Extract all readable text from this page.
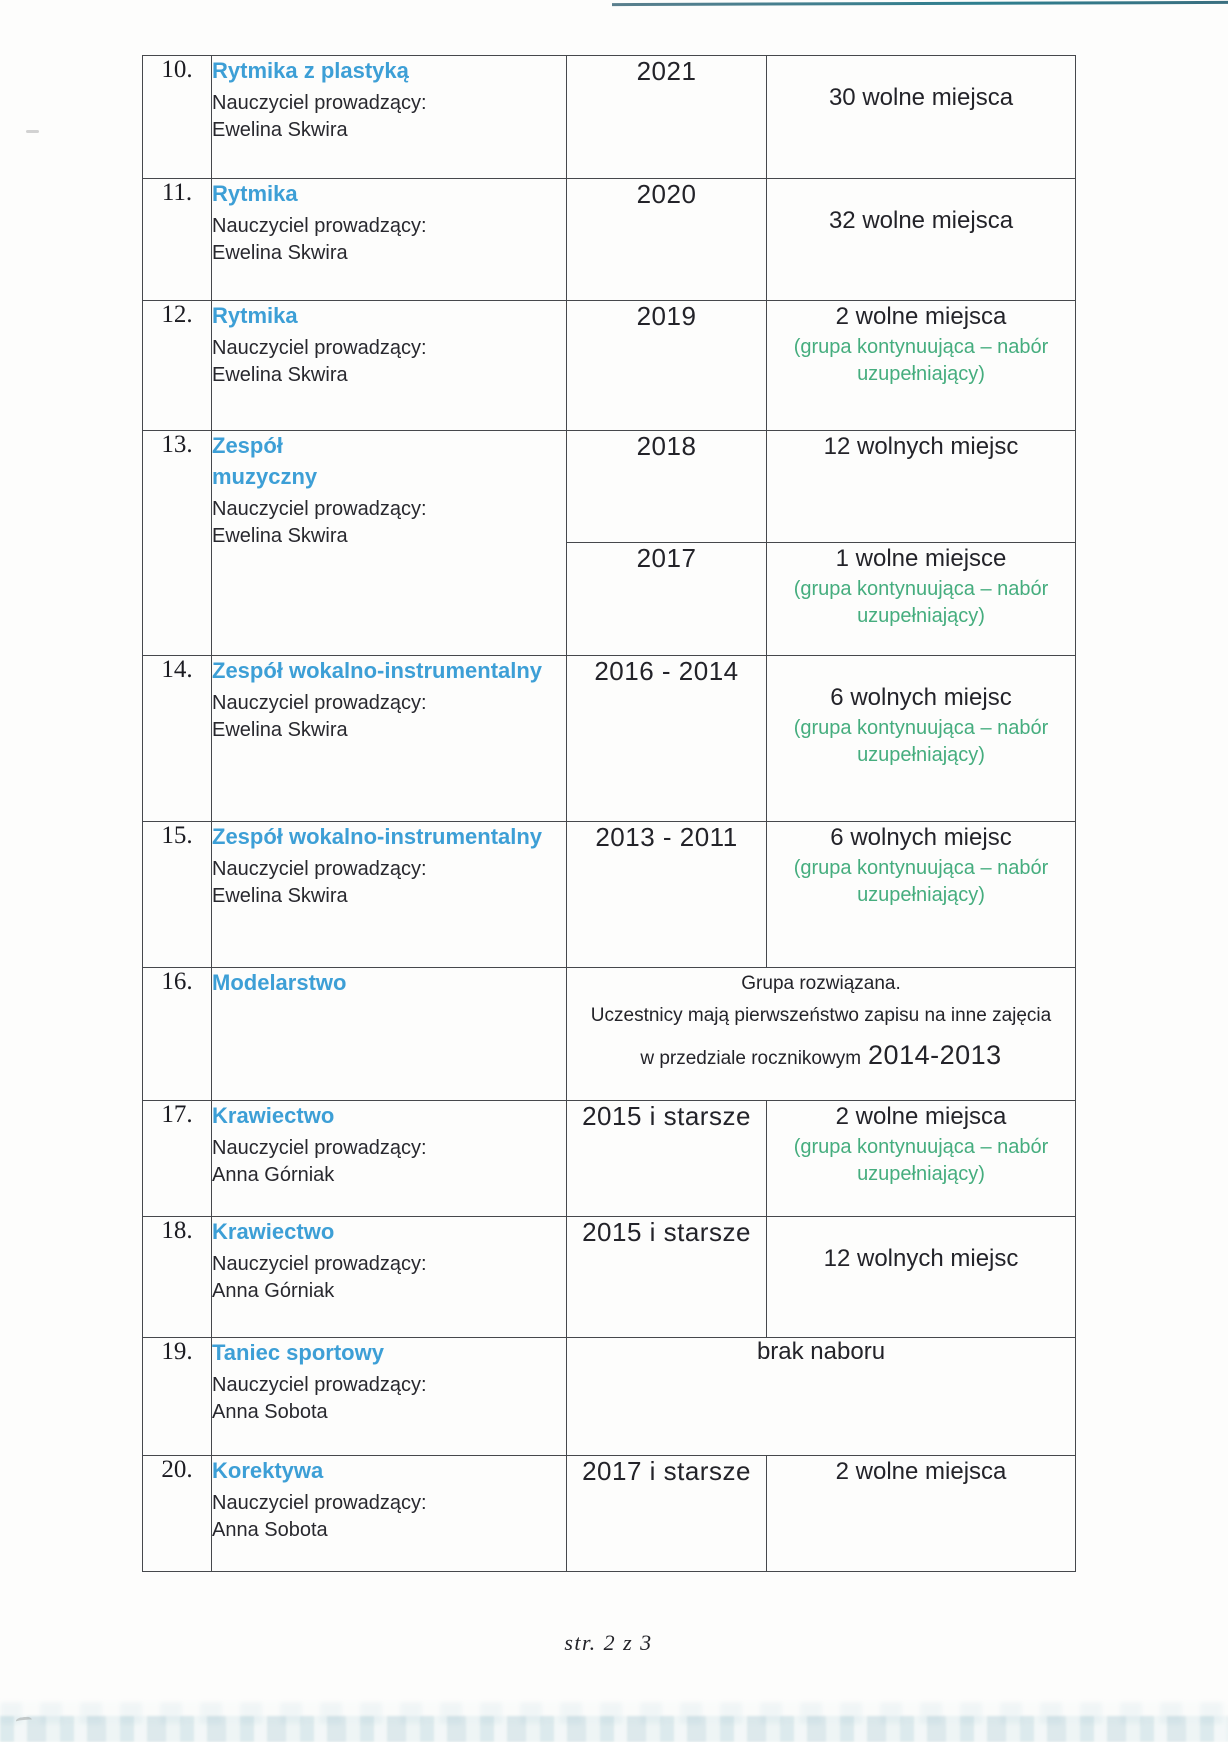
10.	Rytmika z plastyką
Nauczyciel prowadzący:
Ewelina Skwira	2021	30 wolne miejsca

11.	Rytmika
Nauczyciel prowadzący:
Ewelina Skwira	2020	32 wolne miejsca

12.	Rytmika
Nauczyciel prowadzący:
Ewelina Skwira
	2019	2 wolne miejsca
(grupa kontynuująca – nabór uzupełniający)

13.	Zespół muzyczny
Nauczyciel prowadzący:
Ewelina Skwira	2018	12 wolnych miejsc

		2017	1 wolne miejsce
(grupa kontynuująca – nabór uzupełniający)

14.	Zespół wokalno-instrumentalny
Nauczyciel prowadzący:
Ewelina Skwira
	2016 - 2014	
6 wolnych miejsc
(grupa kontynuująca – nabór uzupełniający)

15.	Zespół wokalno-instrumentalny
Nauczyciel prowadzący:
Ewelina Skwira
	2013 - 2011	6 wolnych miejsc
(grupa kontynuująca – nabór uzupełniający)

16.	Modelarstwo	Grupa rozwiązana.
Uczestnicy mają pierwszeństwo zapisu na inne zajęcia
w przedziale rocznikowym 2014-2013	

17.	Krawiectwo
Nauczyciel prowadzący:
Anna Górniak
	2015 i starsze	2 wolne miejsca
(grupa kontynuująca – nabór uzupełniający)

18.	Krawiectwo
Nauczyciel prowadzący:
Anna Górniak	2015 i starsze	12 wolnych miejsc

19.	Taniec sportowy
Nauczyciel prowadzący:
Anna Sobota	brak naboru	
20.	Korektywa
Nauczyciel prowadzący:
Anna Sobota	2017 i starsze	2 wolne miejsca
str. 2 z 3
